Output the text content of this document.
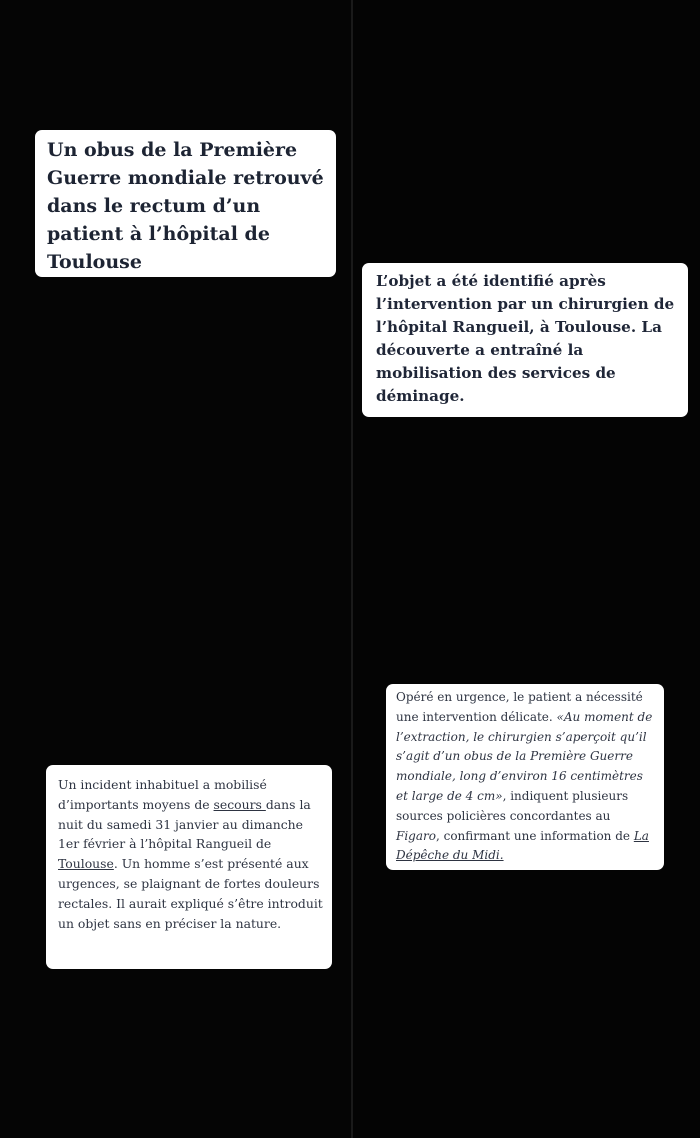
Un obus de la Première Guerre mondiale retrouvé dans le rectum d’un patient à l’hôpital de Toulouse

L’objet a été identifié après l’intervention par un chirurgien de l’hôpital Rangueil, à Toulouse. La découverte a entraîné la mobilisation des services de déminage.

Opéré en urgence, le patient a nécessité une intervention délicate. «Au moment de l’extraction, le chirurgien s’aperçoit qu’il s’agit d’un obus de la Première Guerre mondiale, long d’environ 16 centimètres et large de 4 cm», indiquent plusieurs sources policières concordantes au Figaro, confirmant une information de La Dépêche du Midi.

Un incident inhabituel a mobilisé d’importants moyens de secours dans la nuit du samedi 31 janvier au dimanche 1er février à l’hôpital Rangueil de Toulouse. Un homme s’est présenté aux urgences, se plaignant de fortes douleurs rectales. Il aurait expliqué s’être introduit un objet sans en préciser la nature.
